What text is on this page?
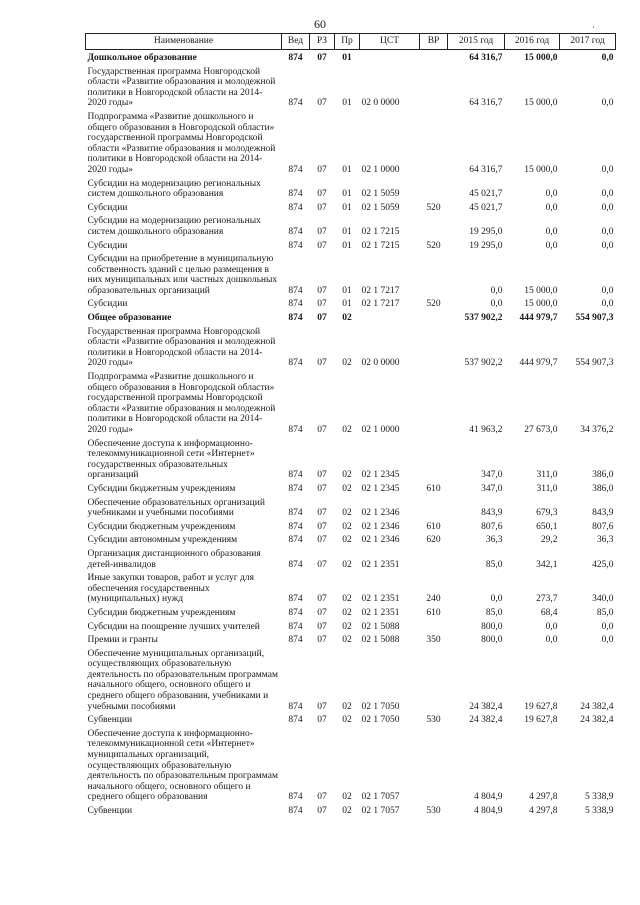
60	·
Наименование	Вед	РЗ	Пр	ЦСТ	ВР	2015 год	2016 год	2017 год
Дошкольное образование	874	07	01			64 316,7	15 000,0	0,0
Государственная программа Новгородской области «Развитие образования и молодежной политики в Новгородской области на 2014-2020 годы»	874	07	01	02 0 0000		64 316,7	15 000,0	0,0
Подпрограмма «Развитие дошкольного и общего образования в Новгородской области» государственной программы Новгородской области «Развитие образования и молодежной политики в Новгородской области на 2014-2020 годы»	874	07	01	02 1 0000		64 316,7	15 000,0	0,0
Субсидии на модернизацию региональных систем дошкольного образования	874	07	01	02 1 5059		45 021,7	0,0	0,0
Субсидии	874	07	01	02 1 5059	520	45 021,7	0,0	0,0
Субсидии на модернизацию региональных систем дошкольного образования	874	07	01	02 1 7215		19 295,0	0,0	0,0
Субсидии	874	07	01	02 1 7215	520	19 295,0	0,0	0,0
Субсидии на приобретение в муниципальную собственность зданий с целью размещения в них муниципальных или частных дошкольных образовательных организаций	874	07	01	02 1 7217		0,0	15 000,0	0,0
Субсидии	874	07	01	02 1 7217	520	0,0	15 000,0	0,0
Общее образование	874	07	02			537 902,2	444 979,7	554 907,3
Государственная программа Новгородской области «Развитие образования и молодежной политики в Новгородской области на 2014-2020 годы»	874	07	02	02 0 0000		537 902,2	444 979,7	554 907,3
Подпрограмма «Развитие дошкольного и общего образования в Новгородской области» государственной программы Новгородской области «Развитие образования и молодежной политики в Новгородской области на 2014-2020 годы»	874	07	02	02 1 0000		41 963,2	27 673,0	34 376,2
Обеспечение доступа к информационно-телекоммуникационной сети «Интернет» государственных образовательных организаций	874	07	02	02 1 2345		347,0	311,0	386,0
Субсидии бюджетным учреждениям	874	07	02	02 1 2345	610	347,0	311,0	386,0
Обеспечение образовательных организаций учебниками и учебными пособиями	874	07	02	02 1 2346		843,9	679,3	843,9
Субсидии бюджетным учреждениям	874	07	02	02 1 2346	610	807,6	650,1	807,6
Субсидии автономным учреждениям	874	07	02	02 1 2346	620	36,3	29,2	36,3
Организация дистанционного образования детей-инвалидов	874	07	02	02 1 2351		85,0	342,1	425,0
Иные закупки товаров, работ и услуг для обеспечения государственных (муниципальных) нужд	874	07	02	02 1 2351	240	0,0	273,7	340,0
Субсидии бюджетным учреждениям	874	07	02	02 1 2351	610	85,0	68,4	85,0
Субсидии на поощрение лучших учителей	874	07	02	02 1 5088		800,0	0,0	0,0
Премии и гранты	874	07	02	02 1 5088	350	800,0	0,0	0,0
Обеспечение муниципальных организаций, осуществляющих образовательную деятельность по образовательным программам начального общего, основного общего и среднего общего образования, учебниками и учебными пособиями	874	07	02	02 1 7050		24 382,4	19 627,8	24 382,4
Субвенции	874	07	02	02 1 7050	530	24 382,4	19 627,8	24 382,4
Обеспечение доступа к информационно-телекоммуникационной сети «Интернет» муниципальных организаций, осуществляющих образовательную деятельность по образовательным программам начального общего, основного общего и среднего общего образования	874	07	02	02 1 7057		4 804,9	4 297,8	5 338,9
Субвенции	874	07	02	02 1 7057	530	4 804,9	4 297,8	5 338,9
